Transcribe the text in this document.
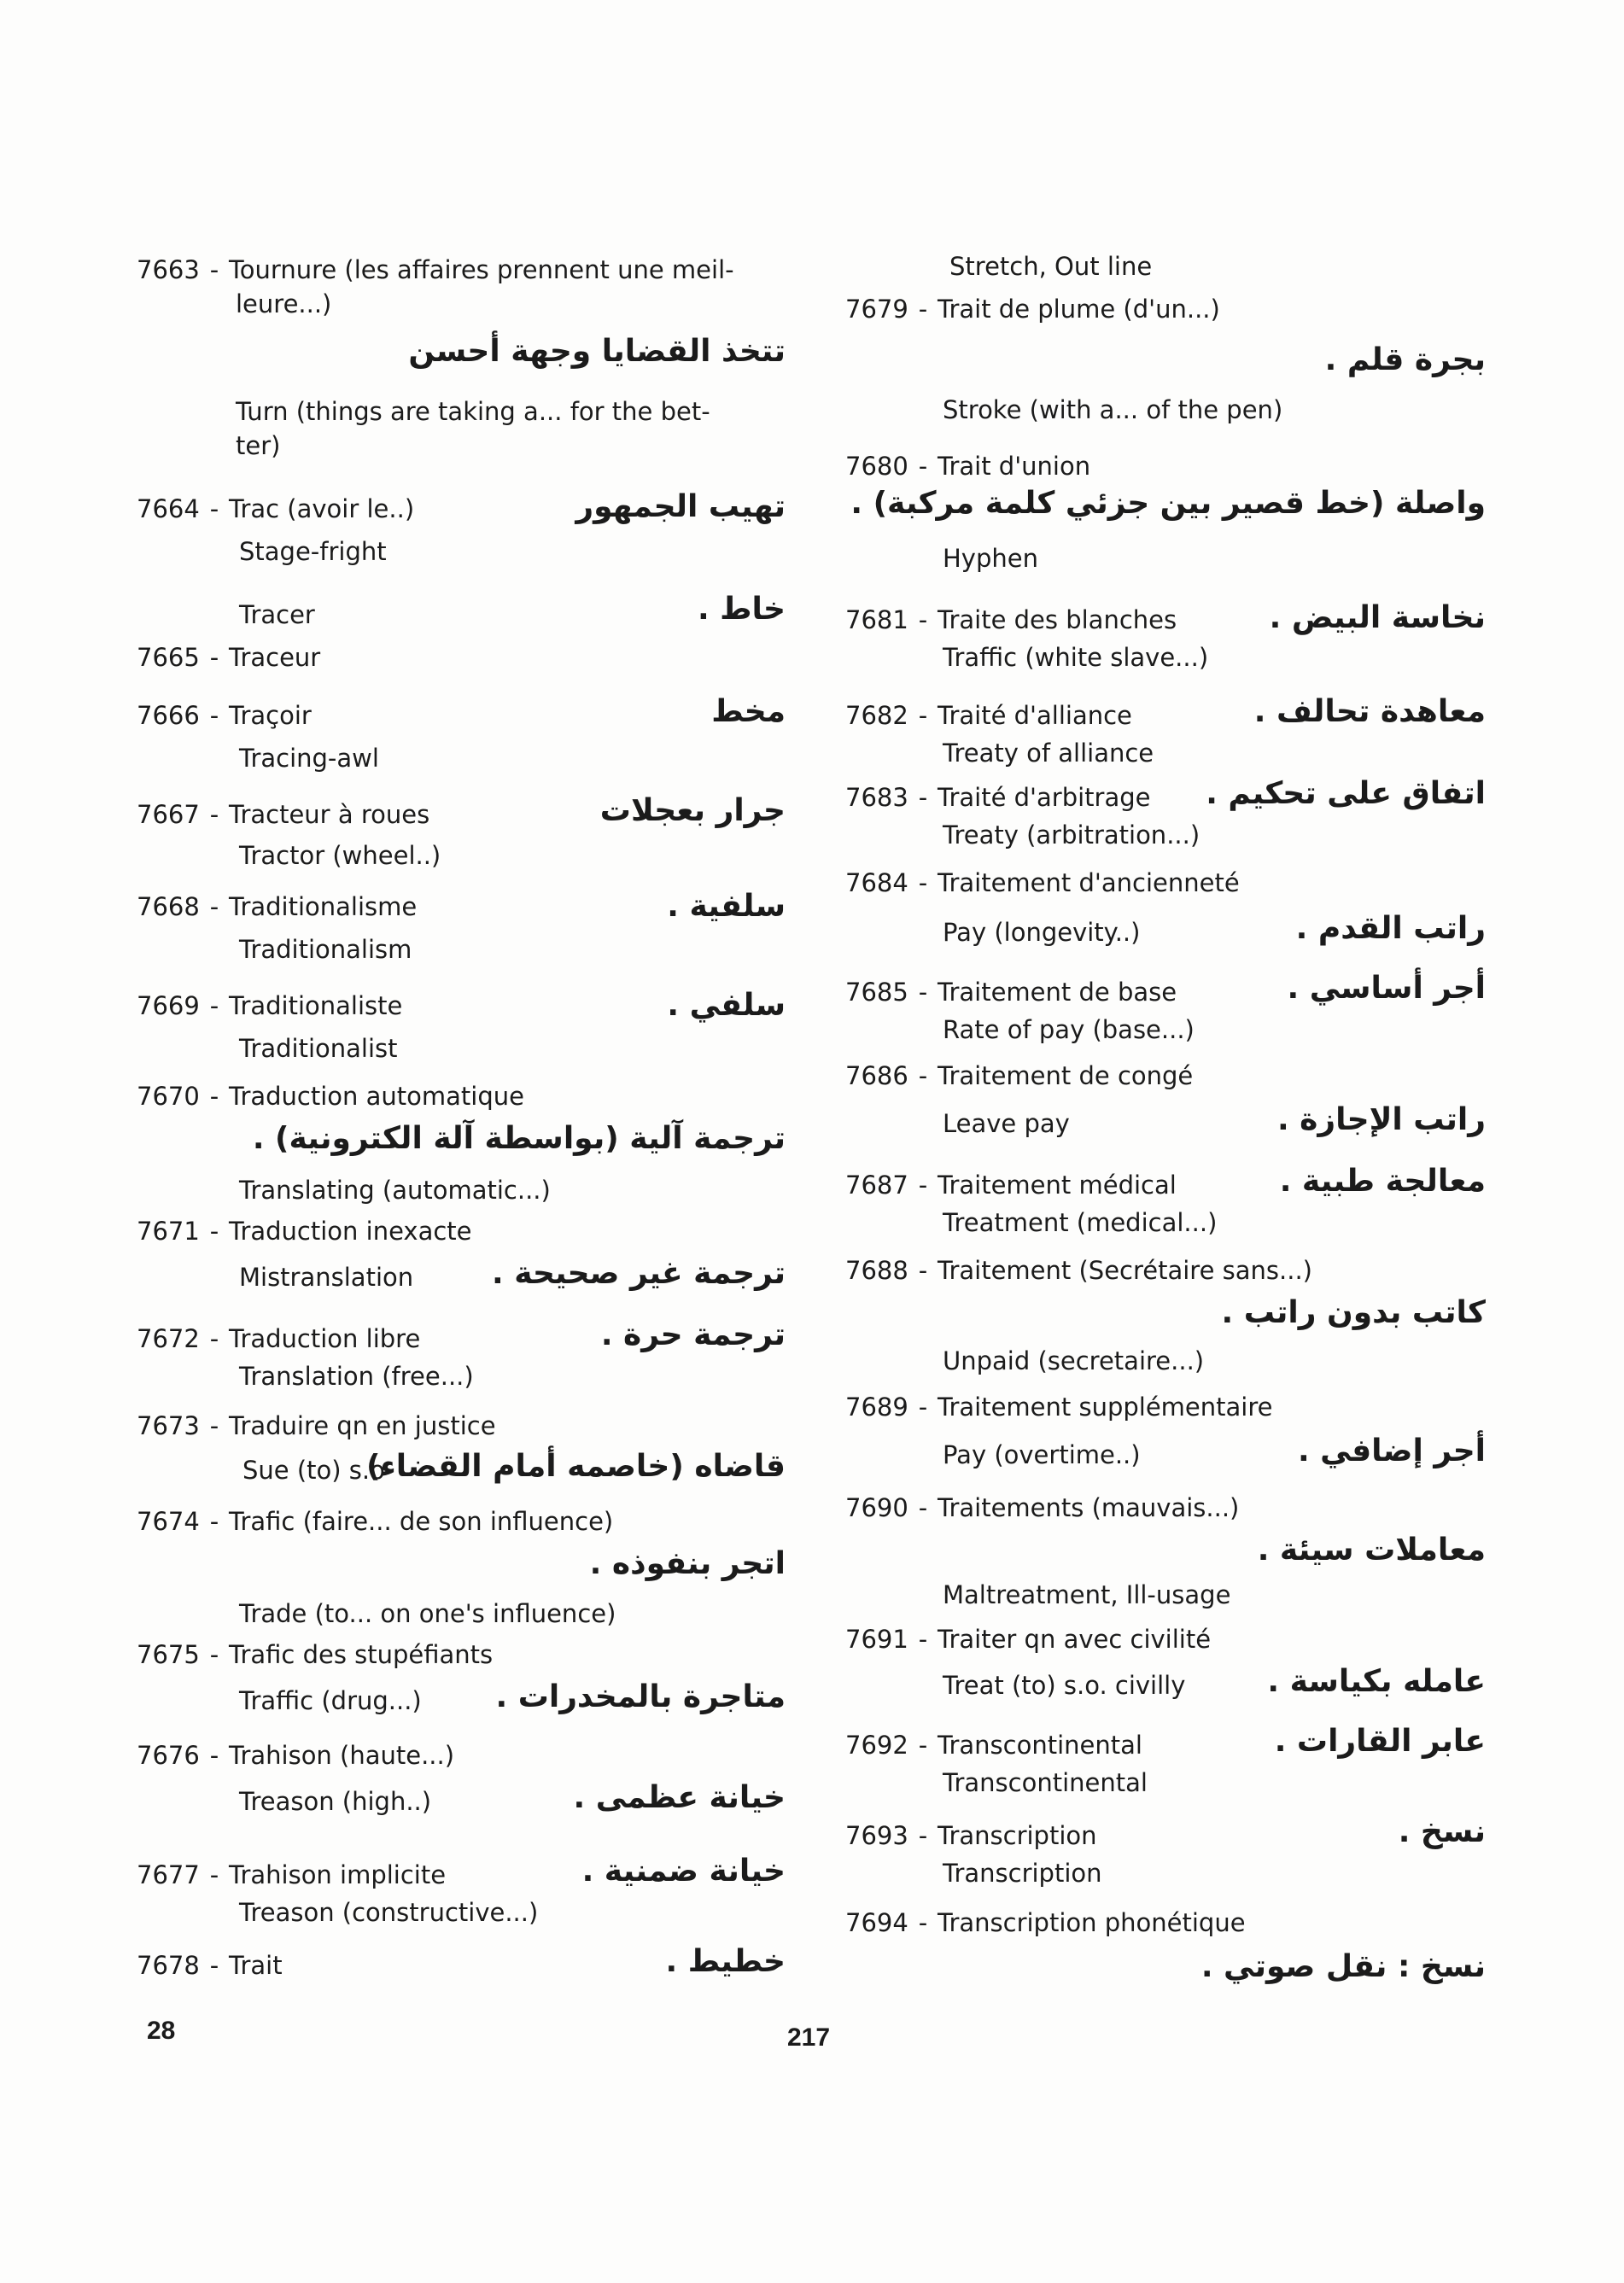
7663 - Tournure (les affaires prennent une meil-
leure...)
تتخذ القضايا وجهة أحسن
Turn (things are taking a... for the bet-
ter)
7664 - Trac (avoir le..)	تهيب الجمهور
Stage-fright
Tracer	خاط .
7665 - Traceur
7666 - Traçoir	مخط
Tracing-awl
7667 - Tracteur à roues	جرار بعجلات
Tractor (wheel..)
7668 - Traditionalisme	سلفية .
Traditionalism
7669 - Traditionaliste	سلفي .
Traditionalist
7670 - Traduction automatique
ترجمة آلية (بواسطة آلة الكترونية) .
Translating (automatic...)
7671 - Traduction inexacte
Mistranslation	ترجمة غير صحيحة .
7672 - Traduction libre	ترجمة حرة .
Translation (free...)
7673 - Traduire qn en justice
Sue (to) s.o
قاضاه (خاصمه أمام القضاء)
7674 - Trafic (faire... de son influence)
اتجر بنفوذه .
Trade (to... on one's influence)
7675 - Trafic des stupéfiants
Traffic (drug...) متاجرة بالمخدرات .
7676 - Trahison (haute...)
Treason (high..)	خيانة عظمى .
7677 - Trahison implicite	خيانة ضمنية .
Treason (constructive...)
7678 - Trait	خطيط .
Stretch, Out line
7679 - Trait de plume (d'un...)
بجرة قلم .
Stroke (with a... of the pen)
7680 - Trait d'union
واصلة (خط قصير بين جزئي كلمة مركبة) .
Hyphen
7681 - Traite des blanches	نخاسة البيض .
Traffic (white slave...)
7682 - Traité d'alliance	معاهدة تحالف .
Treaty of alliance
7683 - Traité d'arbitrage اتفاق على تحكيم .
Treaty (arbitration...)
7684 - Traitement d'ancienneté
Pay (longevity..)	راتب القدم .
7685 - Traitement de base	أجر أساسي .
Rate of pay (base...)
7686 - Traitement de congé
Leave pay	راتب الإجازة .
7687 - Traitement médical	معالجة طبية .
Treatment (medical...)
7688 - Traitement (Secrétaire sans...)
كاتب بدون راتب .
Unpaid (secretaire...)
7689 - Traitement supplémentaire
Pay (overtime..)	أجر إضافي .
7690 - Traitements (mauvais...)
معاملات سيئة .
Maltreatment, Ill-usage
7691 - Traiter qn avec civilité
Treat (to) s.o. civilly	عامله بكياسة .
7692 - Transcontinental	عابر القارات .
Transcontinental
7693 - Transcription	نسخ .
Transcription
7694 - Transcription phonétique
نسخ : نقل صوتي .
28	217
